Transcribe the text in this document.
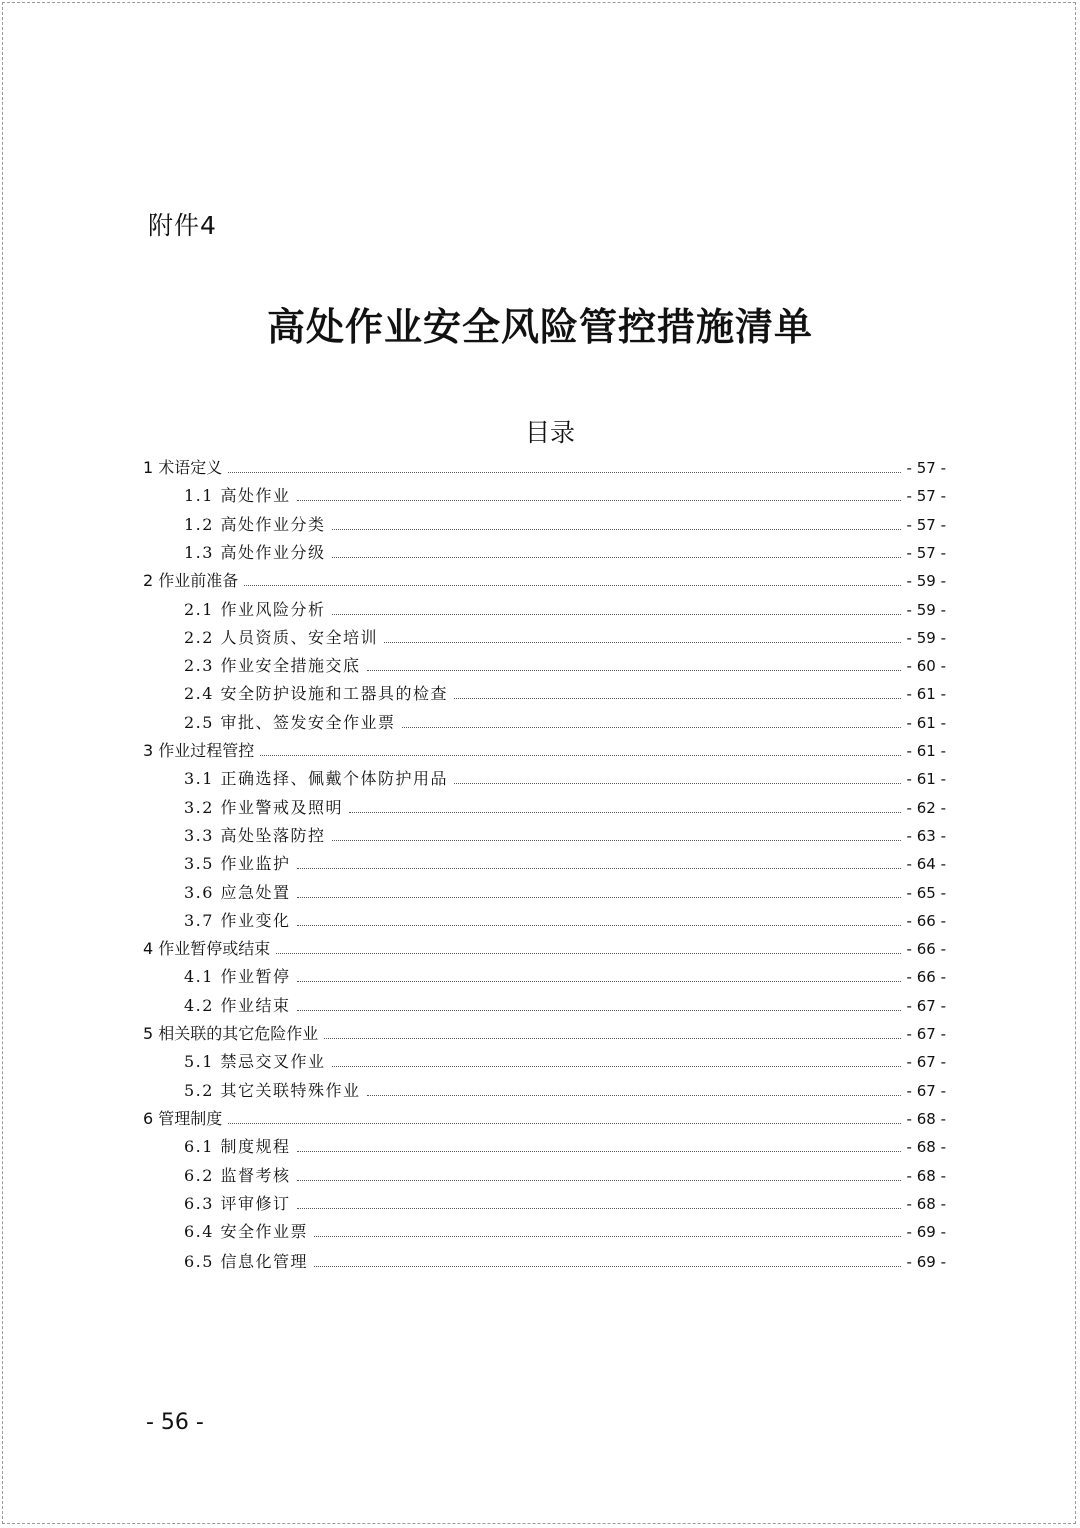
附件4
高处作业安全风险管控措施清单
目录
1 术语定义	- 57 -
1.1 高处作业	- 57 -
1.2 高处作业分类	- 57 -
1.3 高处作业分级	- 57 -
2 作业前准备	- 59 -
2.1 作业风险分析	- 59 -
2.2 人员资质、安全培训	- 59 -
2.3 作业安全措施交底	- 60 -
2.4 安全防护设施和工器具的检查	- 61 -
2.5 审批、签发安全作业票	- 61 -
3 作业过程管控	- 61 -
3.1 正确选择、佩戴个体防护用品	- 61 -
3.2 作业警戒及照明	- 62 -
3.3 高处坠落防控	- 63 -
3.5 作业监护	- 64 -
3.6 应急处置	- 65 -
3.7 作业变化	- 66 -
4 作业暂停或结束	- 66 -
4.1 作业暂停	- 66 -
4.2 作业结束	- 67 -
5 相关联的其它危险作业	- 67 -
5.1 禁忌交叉作业	- 67 -
5.2 其它关联特殊作业	- 67 -
6 管理制度	- 68 -
6.1 制度规程	- 68 -
6.2 监督考核	- 68 -
6.3 评审修订	- 68 -
6.4 安全作业票	- 69 -
6.5 信息化管理	- 69 -
- 56 -
